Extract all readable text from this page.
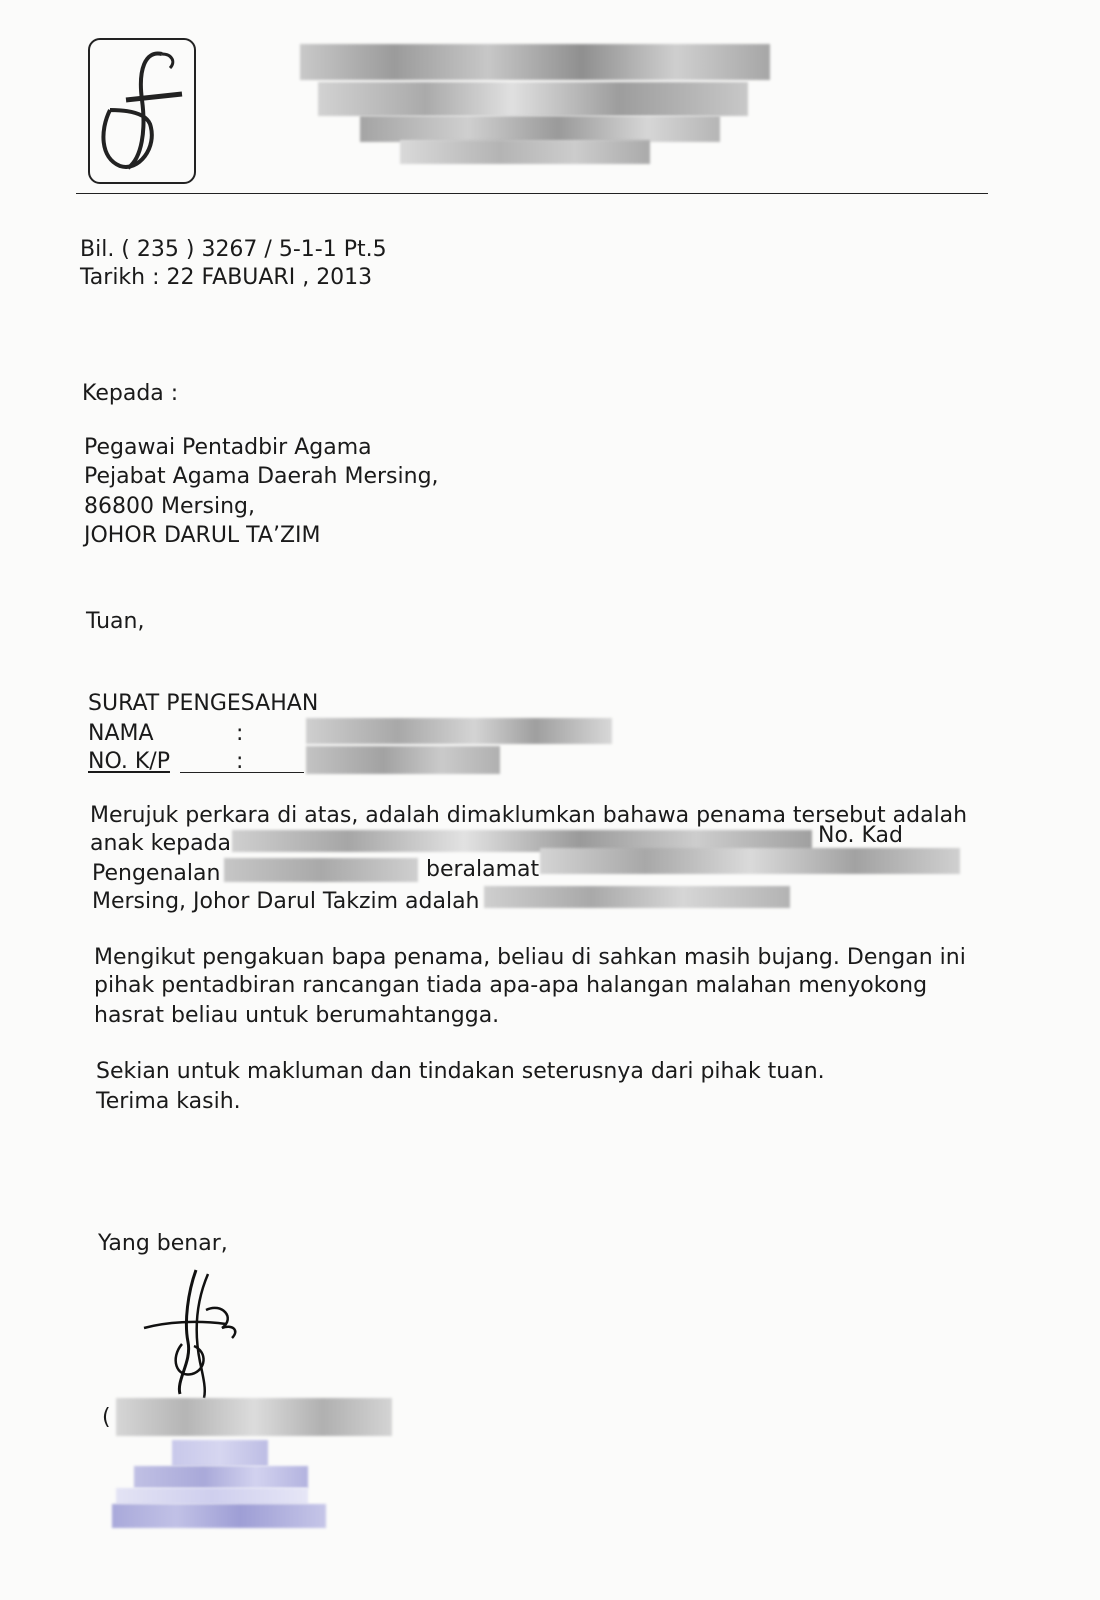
Bil. ( 235 ) 3267 / 5-1-1 Pt.5
Tarikh : 22 FABUARI , 2013
Kepada :
Pegawai Pentadbir Agama
Pejabat Agama Daerah Mersing,
86800 Mersing,
JOHOR DARUL TA’ZIM
Tuan,
SURAT PENGESAHAN
NAMA	:
NO. K/P	:
Merujuk perkara di atas, adalah dimaklumkan bahawa penama tersebut adalah
anak kepada	No. Kad
Pengenalan	beralamat
Mersing, Johor Darul Takzim adalah
Mengikut pengakuan bapa penama, beliau di sahkan masih bujang. Dengan ini
pihak pentadbiran rancangan tiada apa-apa halangan malahan menyokong
hasrat beliau untuk berumahtangga.
Sekian untuk makluman dan tindakan seterusnya dari pihak tuan.
Terima kasih.
Yang benar,
(
